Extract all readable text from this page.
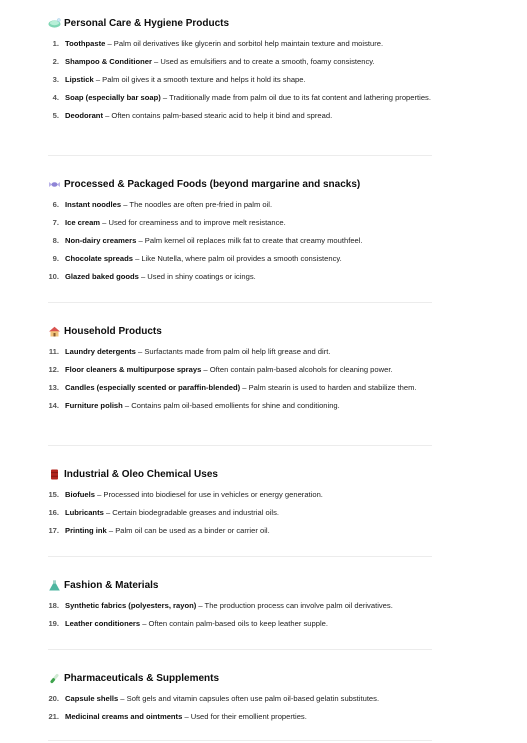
Personal Care & Hygiene Products
1. Toothpaste – Palm oil derivatives like glycerin and sorbitol help maintain texture and moisture.
2. Shampoo & Conditioner – Used as emulsifiers and to create a smooth, foamy consistency.
3. Lipstick – Palm oil gives it a smooth texture and helps it hold its shape.
4. Soap (especially bar soap) – Traditionally made from palm oil due to its fat content and lathering properties.
5. Deodorant – Often contains palm-based stearic acid to help it bind and spread.
Processed & Packaged Foods (beyond margarine and snacks)
6. Instant noodles – The noodles are often pre-fried in palm oil.
7. Ice cream – Used for creaminess and to improve melt resistance.
8. Non-dairy creamers – Palm kernel oil replaces milk fat to create that creamy mouthfeel.
9. Chocolate spreads – Like Nutella, where palm oil provides a smooth consistency.
10. Glazed baked goods – Used in shiny coatings or icings.
Household Products
11. Laundry detergents – Surfactants made from palm oil help lift grease and dirt.
12. Floor cleaners & multipurpose sprays – Often contain palm-based alcohols for cleaning power.
13. Candles (especially scented or paraffin-blended) – Palm stearin is used to harden and stabilize them.
14. Furniture polish – Contains palm oil-based emollients for shine and conditioning.
Industrial & Oleo Chemical Uses
15. Biofuels – Processed into biodiesel for use in vehicles or energy generation.
16. Lubricants – Certain biodegradable greases and industrial oils.
17. Printing ink – Palm oil can be used as a binder or carrier oil.
Fashion & Materials
18. Synthetic fabrics (polyesters, rayon) – The production process can involve palm oil derivatives.
19. Leather conditioners – Often contain palm-based oils to keep leather supple.
Pharmaceuticals & Supplements
20. Capsule shells – Soft gels and vitamin capsules often use palm oil-based gelatin substitutes.
21. Medicinal creams and ointments – Used for their emollient properties.
